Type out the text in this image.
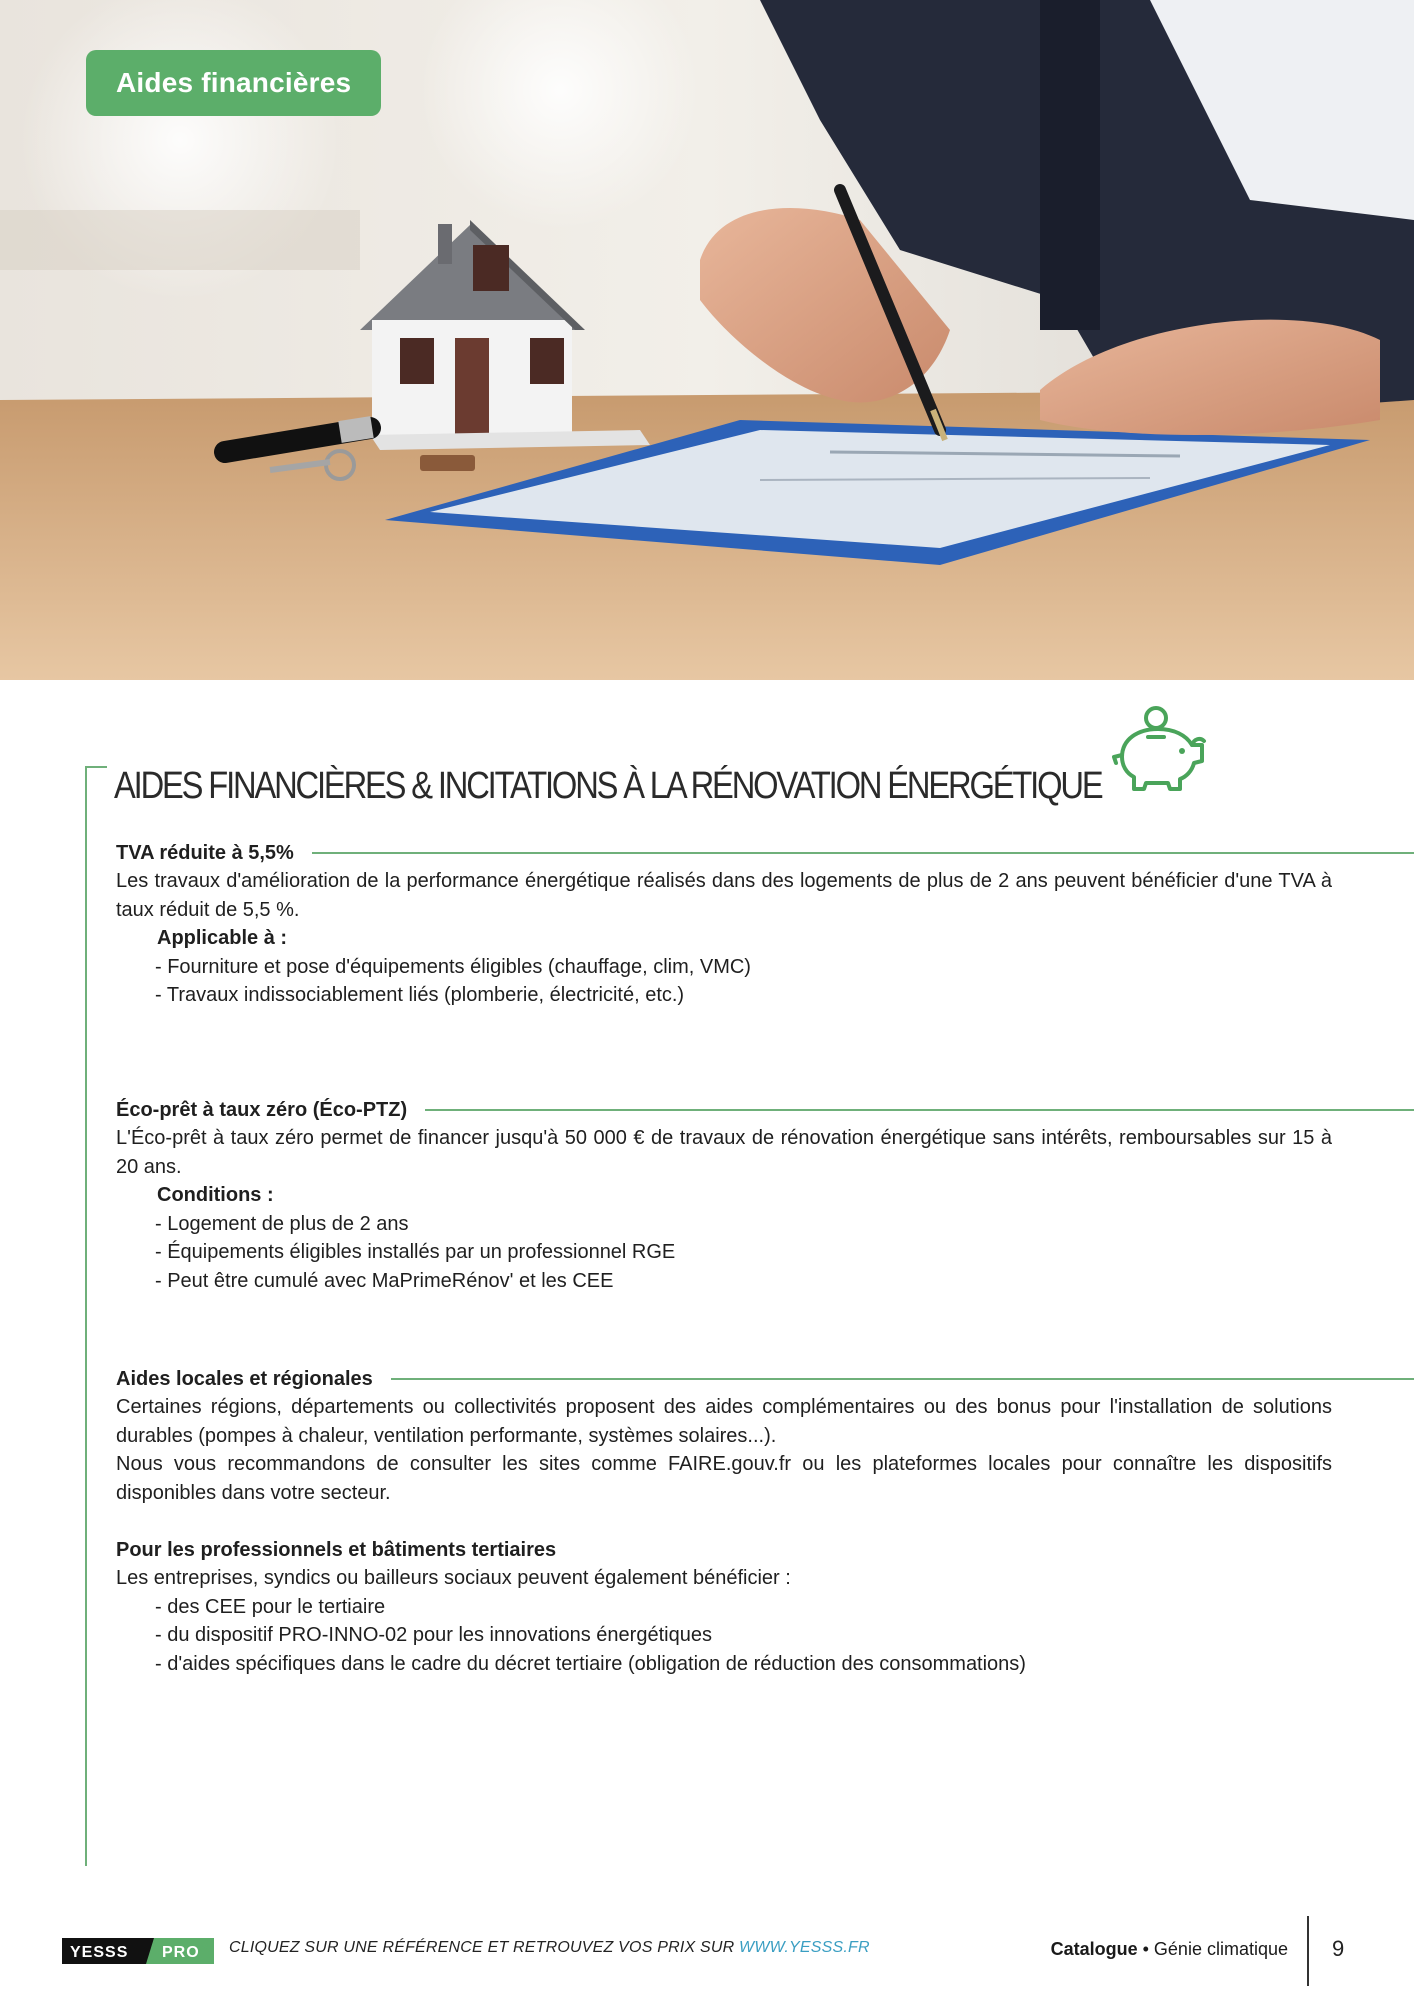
Aides financières
AIDES FINANCIÈRES & INCITATIONS À LA RÉNOVATION ÉNERGÉTIQUE
TVA réduite à 5,5%

Les travaux d'amélioration de la performance énergétique réalisés dans des logements de plus de 2 ans peuvent bénéficier d'une TVA à taux réduit de 5,5 %.

Applicable à :
- Fourniture et pose d'équipements éligibles (chauffage, clim, VMC)
- Travaux indissociablement liés (plomberie, électricité, etc.)
Éco-prêt à taux zéro (Éco-PTZ)

L'Éco-prêt à taux zéro permet de financer jusqu'à 50 000 € de travaux de rénovation énergétique sans intérêts, remboursables sur 15 à 20 ans.

Conditions :
- Logement de plus de 2 ans
- Équipements éligibles installés par un professionnel RGE
- Peut être cumulé avec MaPrimeRénov' et les CEE
Aides locales et régionales

Certaines régions, départements ou collectivités proposent des aides complémentaires ou des bonus pour l'installation de solutions durables (pompes à chaleur, ventilation performante, systèmes solaires...).

Nous vous recommandons de consulter les sites comme FAIRE.gouv.fr ou les plateformes locales pour connaître les dispositifs disponibles dans votre secteur.

Pour les professionnels et bâtiments tertiaires

Les entreprises, syndics ou bailleurs sociaux peuvent également bénéficier :

- des CEE pour le tertiaire
- du dispositif PRO-INNO-02 pour les innovations énergétiques
- d'aides spécifiques dans le cadre du décret tertiaire (obligation de réduction des consommations)
YESSS PRO CLIQUEZ SUR UNE RÉFÉRENCE ET RETROUVEZ VOS PRIX SUR WWW.YESSS.FR	Catalogue • Génie climatique 9
